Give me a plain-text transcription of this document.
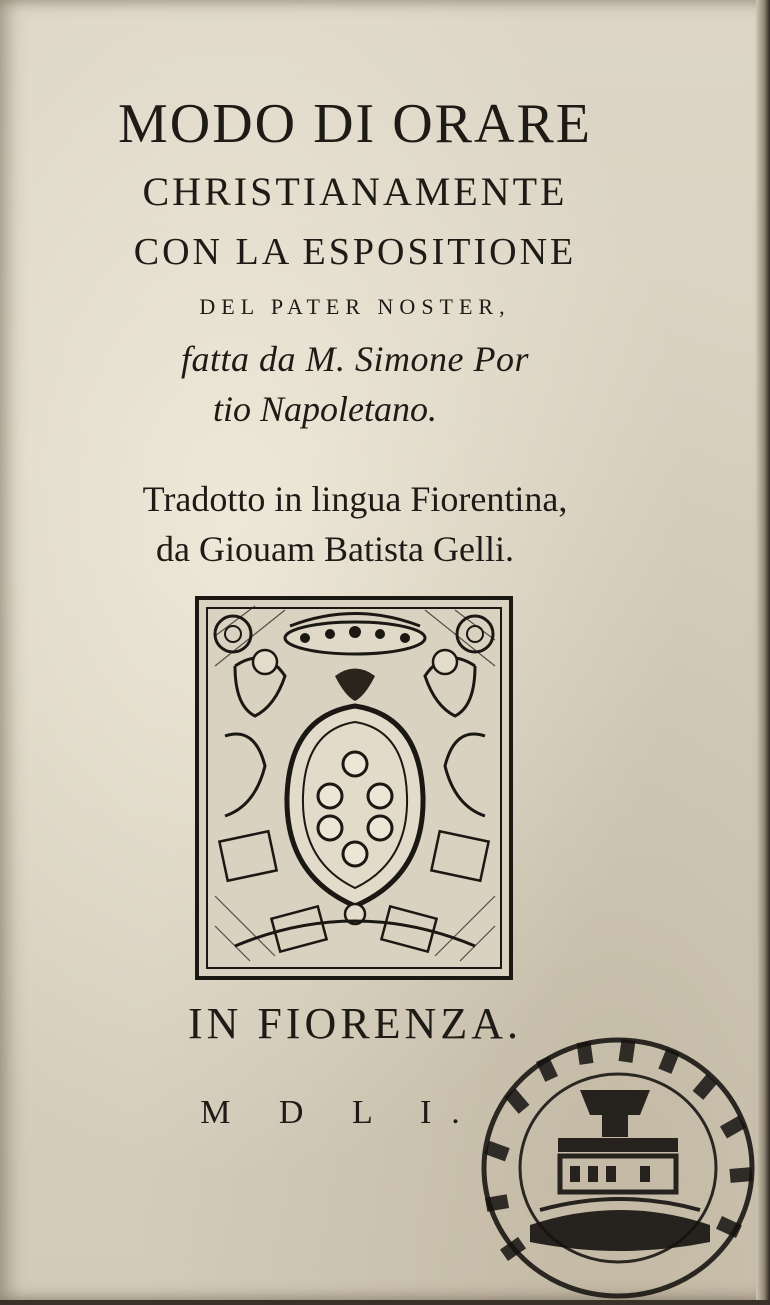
MODO DI ORARE
CHRISTIANAMENTE
CON LA ESPOSITIONE
DEL PATER NOSTER,
fatta da M. Simone Por
tio Napoletano.
Tradotto in lingua Fiorentina,
da Giouam Batista Gelli.
IN FIORENZA.
M D L I.
